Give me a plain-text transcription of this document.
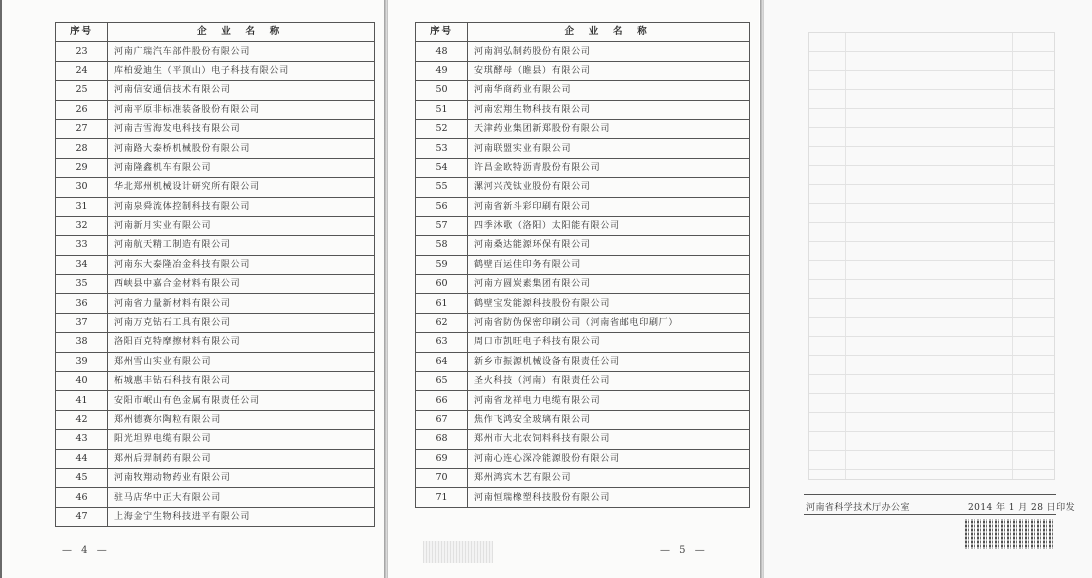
序号	企 业 名 称
23	河南广瑞汽车部件股份有限公司
24	库柏爱迪生（平顶山）电子科技有限公司
25	河南信安通信技术有限公司
26	河南平原非标准装备股份有限公司
27	河南吉雪海发电科技有限公司
28	河南路大泰桥机械股份有限公司
29	河南隆鑫机车有限公司
30	华北郑州机械设计研究所有限公司
31	河南泉舜流体控制科技有限公司
32	河南新月实业有限公司
33	河南航天精工制造有限公司
34	河南东大泰隆冶金科技有限公司
35	西峡县中嘉合金材料有限公司
36	河南省力量新材料有限公司
37	河南万克钻石工具有限公司
38	洛阳百克特摩擦材料有限公司
39	郑州雪山实业有限公司
40	柘城惠丰钻石科技有限公司
41	安阳市岷山有色金属有限责任公司
42	郑州德赛尔陶粒有限公司
43	阳光坦界电缆有限公司
44	郑州后羿制药有限公司
45	河南牧翔动物药业有限公司
46	驻马店华中正大有限公司
47	上海金宁生物科技进平有限公司
序号	企 业 名 称
48	河南润弘制药股份有限公司
49	安琪酵母（睢县）有限公司
50	河南华商药业有限公司
51	河南宏翔生物科技有限公司
52	天津药业集团新郑股份有限公司
53	河南联盟实业有限公司
54	许昌金欧特沥青股份有限公司
55	漯河兴茂钛业股份有限公司
56	河南省新斗彩印刷有限公司
57	四季沐歌（洛阳）太阳能有限公司
58	河南桑达能源环保有限公司
59	鹤壁百运佳印务有限公司
60	河南方圆炭素集团有限公司
61	鹤壁宝发能源科技股份有限公司
62	河南省防伪保密印刷公司（河南省邮电印刷厂）
63	周口市凯旺电子科技有限公司
64	新乡市振源机械设备有限责任公司
65	圣火科技（河南）有限责任公司
66	河南省龙祥电力电缆有限公司
67	焦作飞鸿安全玻璃有限公司
68	郑州市大北农饲料科技有限公司
69	河南心连心深冷能源股份有限公司
70	郑州鸿宾木艺有限公司
71	河南恒瑞橡塑科技股份有限公司
— 4 —	— 5 —
河南省科学技术厅办公室	2014 年 1 月 28 日印发
